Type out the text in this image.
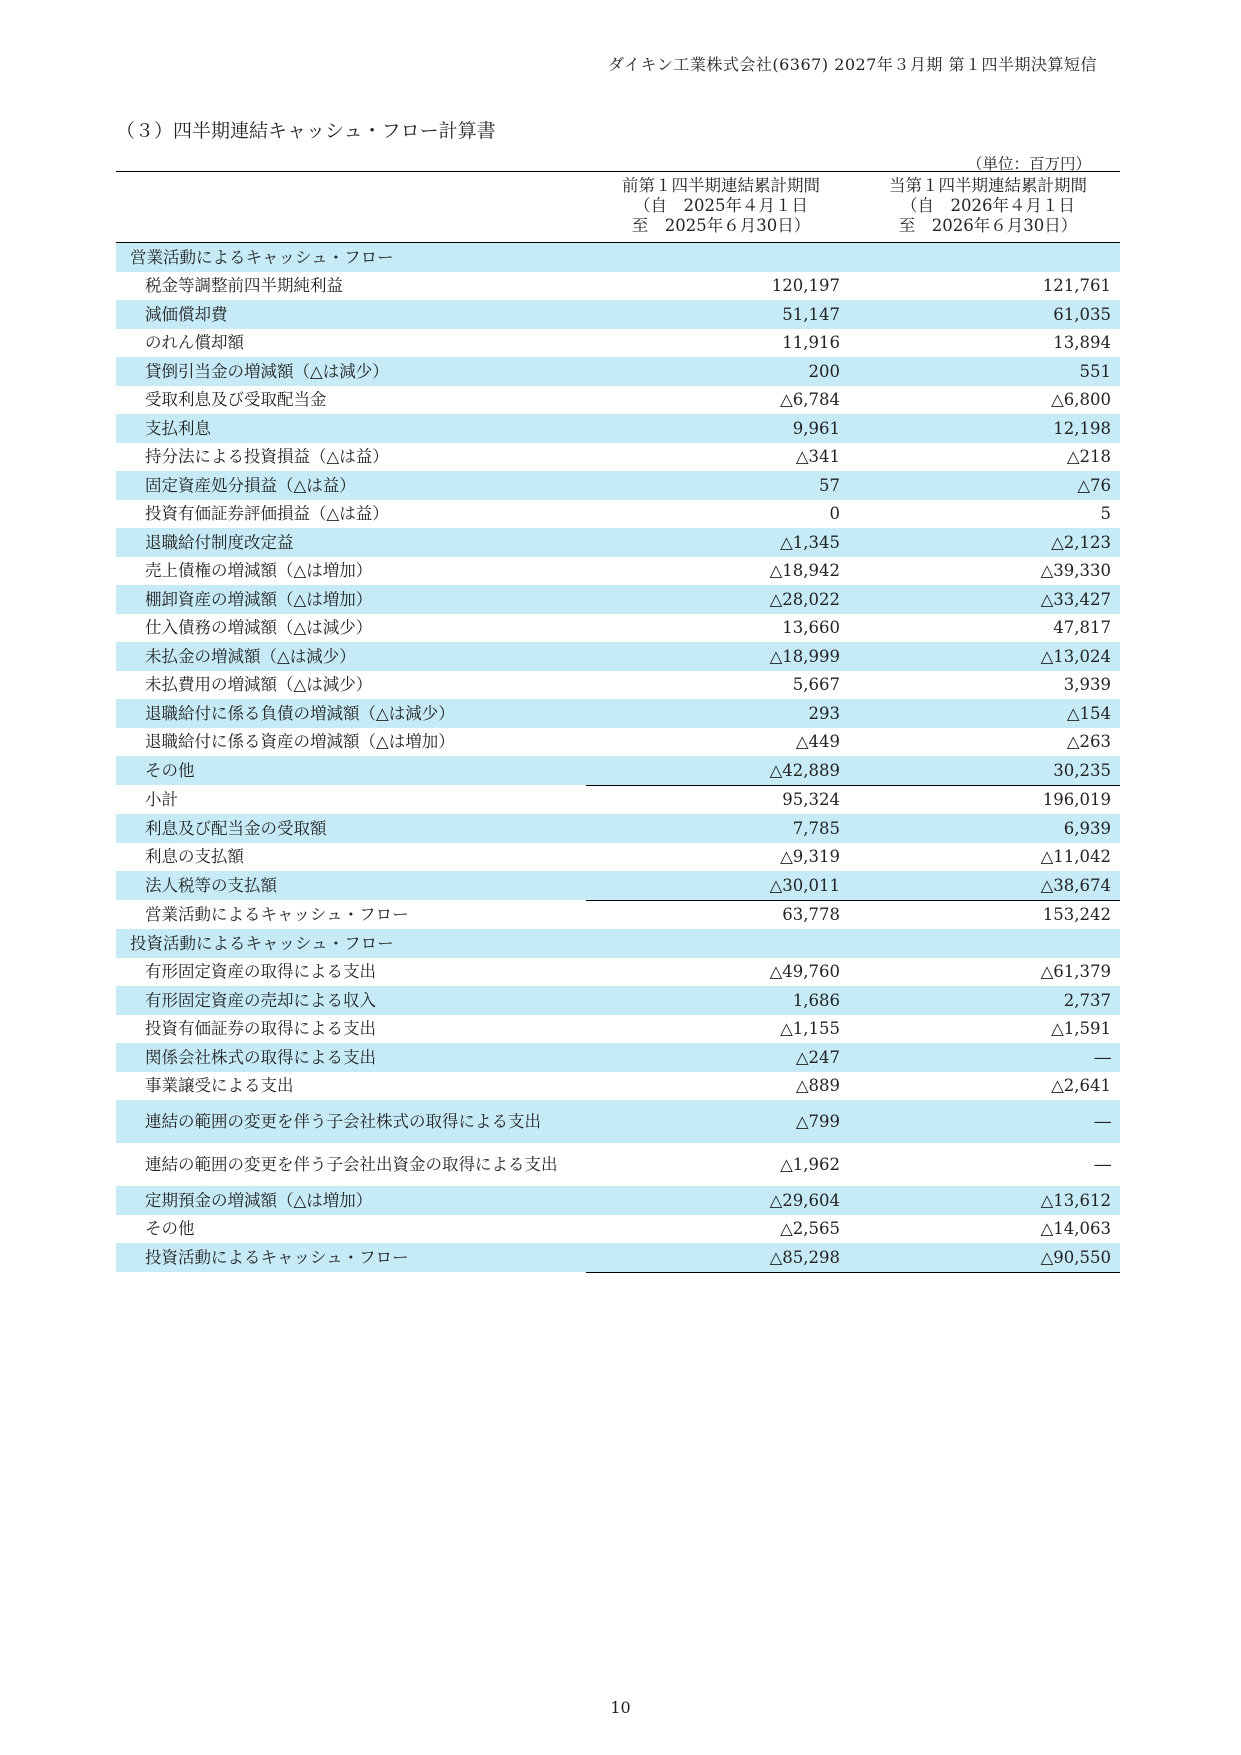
ダイキン工業株式会社(6367) 2027年３月期 第１四半期決算短信
（３）四半期連結キャッシュ・フロー計算書
（単位：百万円）

	前第１四半期連結累計期間
（自　2025年４月１日
至　2025年６月30日）	当第１四半期連結累計期間
（自　2026年４月１日
至　2026年６月30日）

営業活動によるキャッシュ・フロー		

税金等調整前四半期純利益	120,197	121,761

減価償却費	51,147	61,035

のれん償却額	11,916	13,894

貸倒引当金の増減額（△は減少）	200	551

受取利息及び受取配当金	△6,784	△6,800

支払利息	9,961	12,198

持分法による投資損益（△は益）	△341	△218

固定資産処分損益（△は益）	57	△76

投資有価証券評価損益（△は益）	0	5

退職給付制度改定益	△1,345	△2,123

売上債権の増減額（△は増加）	△18,942	△39,330

棚卸資産の増減額（△は増加）	△28,022	△33,427

仕入債務の増減額（△は減少）	13,660	47,817

未払金の増減額（△は減少）	△18,999	△13,024

未払費用の増減額（△は減少）	5,667	3,939

退職給付に係る負債の増減額（△は減少）	293	△154

退職給付に係る資産の増減額（△は増加）	△449	△263

その他	△42,889	30,235

小計	95,324	196,019

利息及び配当金の受取額	7,785	6,939

利息の支払額	△9,319	△11,042

法人税等の支払額	△30,011	△38,674

営業活動によるキャッシュ・フロー	63,778	153,242

投資活動によるキャッシュ・フロー		

有形固定資産の取得による支出	△49,760	△61,379

有形固定資産の売却による収入	1,686	2,737

投資有価証券の取得による支出	△1,155	△1,591

関係会社株式の取得による支出	△247	―

事業譲受による支出	△889	△2,641

連結の範囲の変更を伴う子会社株式の取得による支出	△799	―

連結の範囲の変更を伴う子会社出資金の取得による支出	△1,962	―

定期預金の増減額（△は増加）	△29,604	△13,612

その他	△2,565	△14,063

投資活動によるキャッシュ・フロー	△85,298	△90,550
10
